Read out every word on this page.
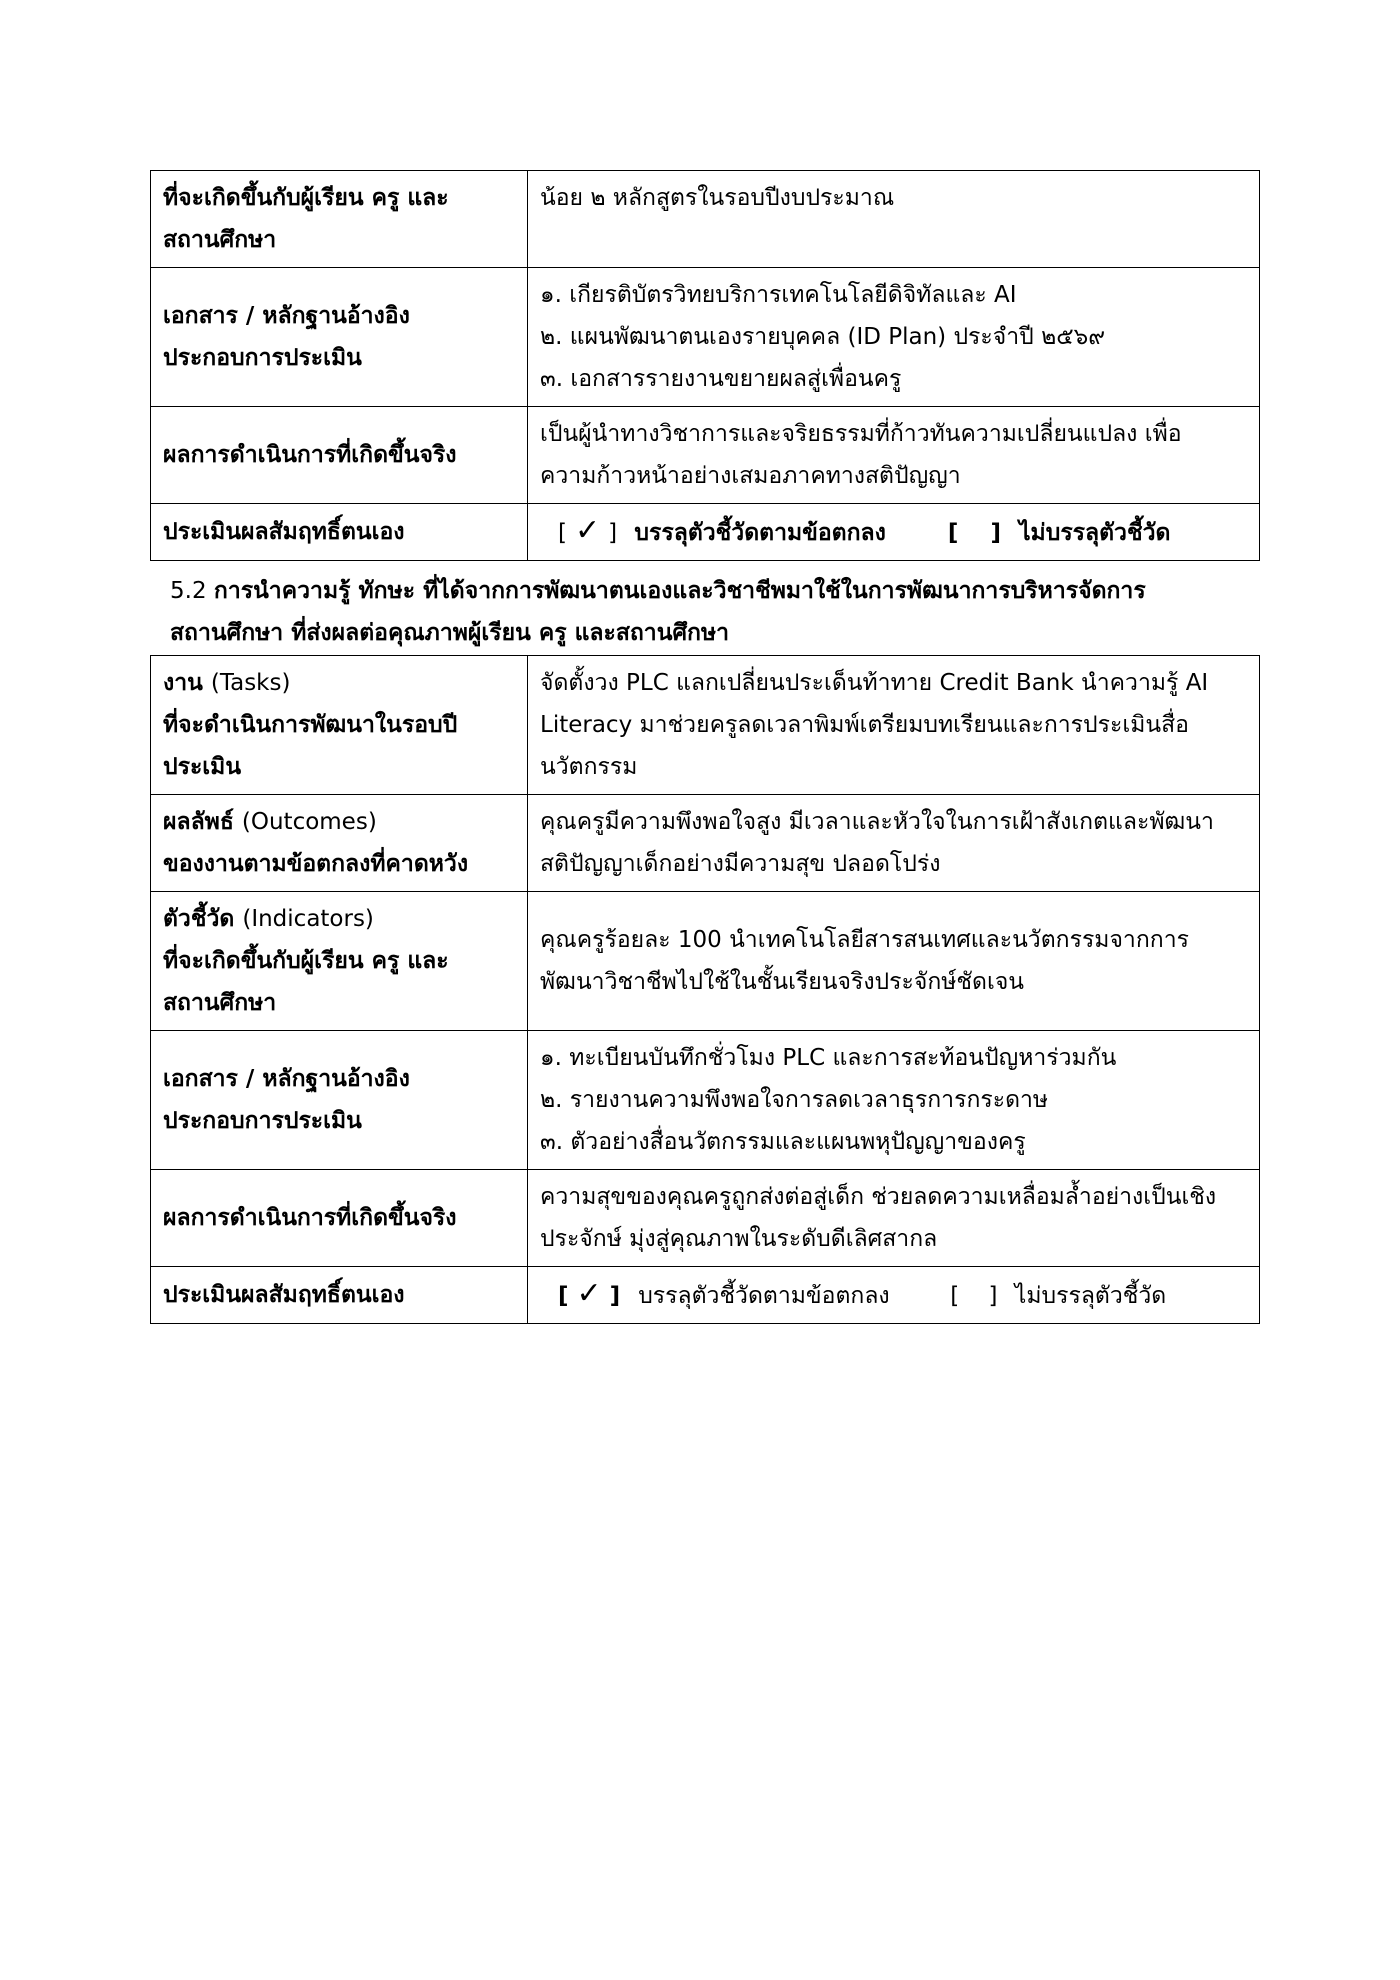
ที่จะเกิดขึ้นกับผู้เรียน ครู และ
สถานศึกษา	น้อย ๒ หลักสูตรในรอบปีงบประมาณ

เอกสาร / หลักฐานอ้างอิง
ประกอบการประเมิน	๑. เกียรติบัตรวิทยบริการเทคโนโลยีดิจิทัลและ AI
๒. แผนพัฒนาตนเองรายบุคคล (ID Plan) ประจำปี ๒๕๖๙
๓. เอกสารรายงานขยายผลสู่เพื่อนครู

ผลการดำเนินการที่เกิดขึ้นจริง	เป็นผู้นำทางวิชาการและจริยธรรมที่ก้าวทันความเปลี่ยนแปลง เพื่อ
ความก้าวหน้าอย่างเสมอภาคทางสติปัญญา

ประเมินผลสัมฤทธิ์ตนเอง	[ ✓ ] บรรลุตัวชี้วัดตามข้อตกลง [    ] ไม่บรรลุตัวชี้วัด
5.2 การนำความรู้ ทักษะ ที่ได้จากการพัฒนาตนเองและวิชาชีพมาใช้ในการพัฒนาการบริหารจัดการ
สถานศึกษา ที่ส่งผลต่อคุณภาพผู้เรียน ครู และสถานศึกษา
งาน (Tasks)
ที่จะดำเนินการพัฒนาในรอบปี
ประเมิน	จัดตั้งวง PLC แลกเปลี่ยนประเด็นท้าทาย Credit Bank นำความรู้ AI
Literacy มาช่วยครูลดเวลาพิมพ์เตรียมบทเรียนและการประเมินสื่อ
นวัตกรรม

ผลลัพธ์ (Outcomes)
ของงานตามข้อตกลงที่คาดหวัง	คุณครูมีความพึงพอใจสูง มีเวลาและหัวใจในการเฝ้าสังเกตและพัฒนา
สติปัญญาเด็กอย่างมีความสุข ปลอดโปร่ง

ตัวชี้วัด (Indicators)
ที่จะเกิดขึ้นกับผู้เรียน ครู และ
สถานศึกษา	คุณครูร้อยละ 100 นำเทคโนโลยีสารสนเทศและนวัตกรรมจากการ
พัฒนาวิชาชีพไปใช้ในชั้นเรียนจริงประจักษ์ชัดเจน

เอกสาร / หลักฐานอ้างอิง
ประกอบการประเมิน	๑. ทะเบียนบันทึกชั่วโมง PLC และการสะท้อนปัญหาร่วมกัน
๒. รายงานความพึงพอใจการลดเวลาธุรการกระดาษ
๓. ตัวอย่างสื่อนวัตกรรมและแผนพหุปัญญาของครู

ผลการดำเนินการที่เกิดขึ้นจริง	ความสุขของคุณครูถูกส่งต่อสู่เด็ก ช่วยลดความเหลื่อมล้ำอย่างเป็นเชิง
ประจักษ์ มุ่งสู่คุณภาพในระดับดีเลิศสากล

ประเมินผลสัมฤทธิ์ตนเอง	[ ✓ ] บรรลุตัวชี้วัดตามข้อตกลง [    ] ไม่บรรลุตัวชี้วัด
